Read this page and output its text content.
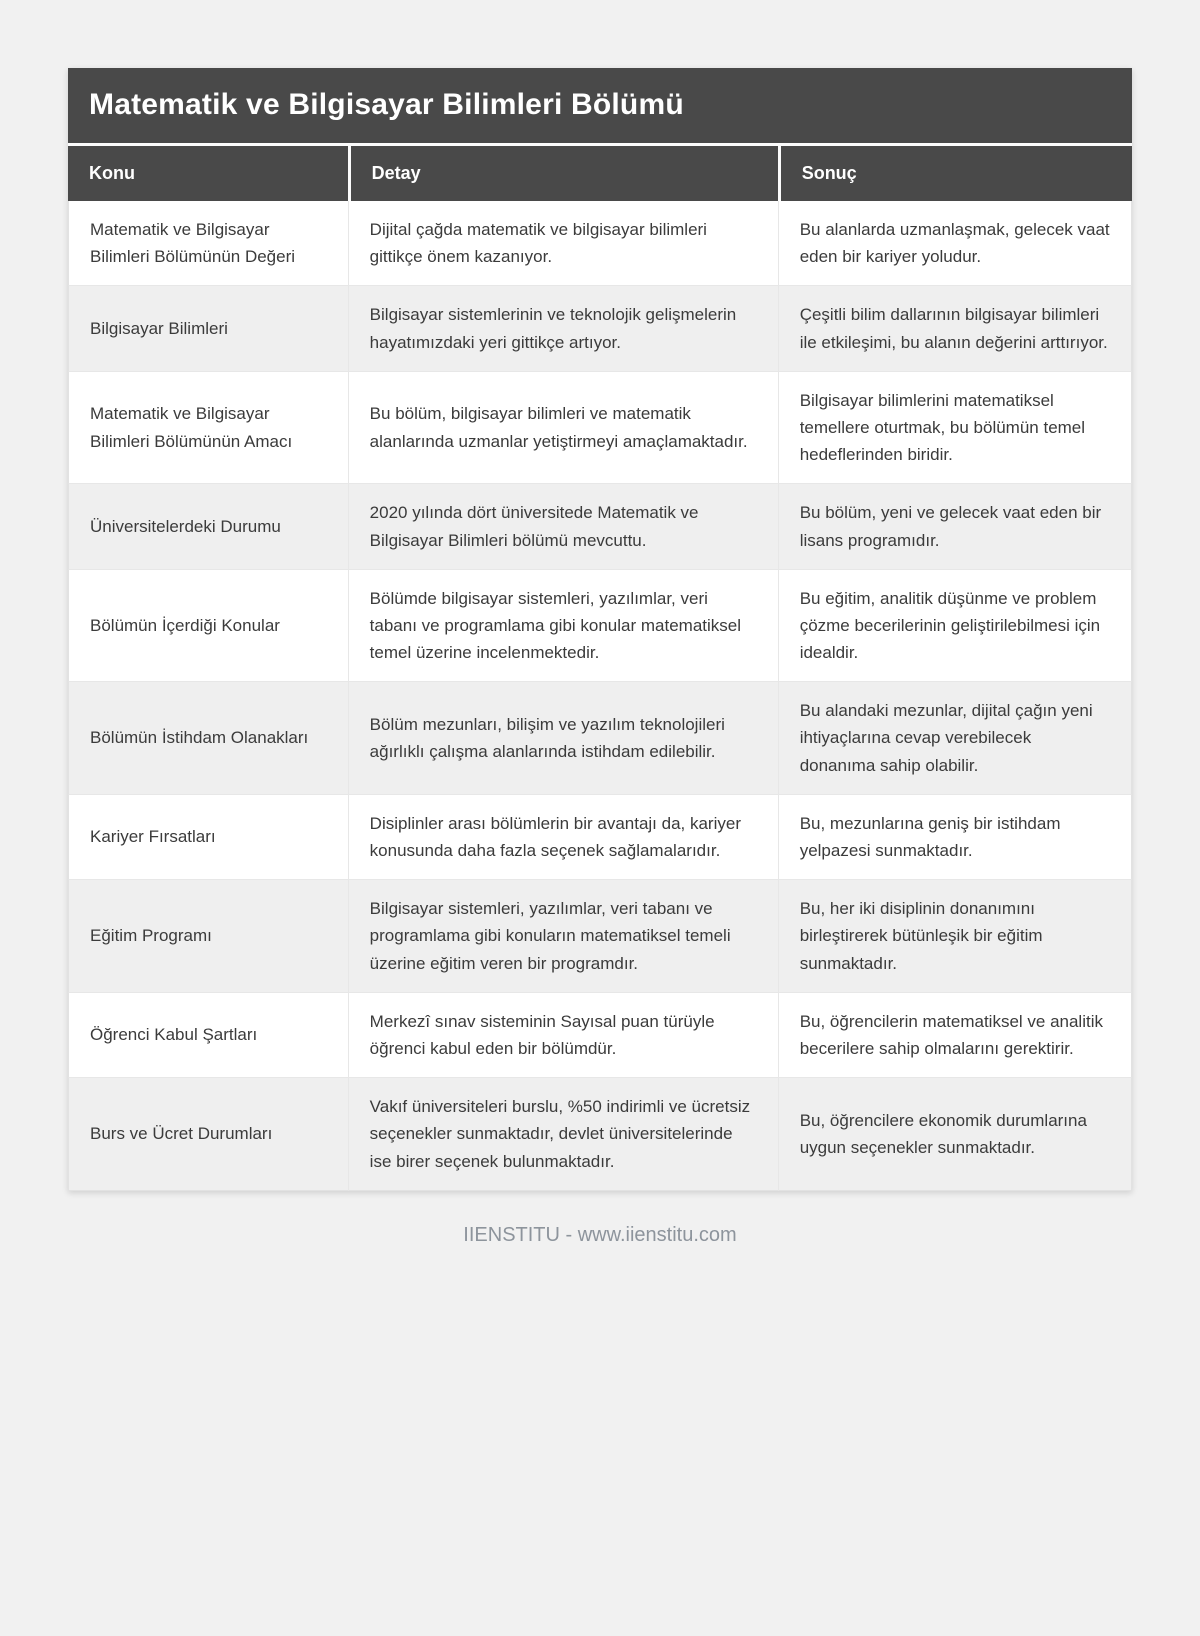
Matematik ve Bilgisayar Bilimleri Bölümü
Konu	Detay	Sonuç
Matematik ve Bilgisayar Bilimleri Bölümünün Değeri	Dijital çağda matematik ve bilgisayar bilimleri gittikçe önem kazanıyor.	Bu alanlarda uzmanlaşmak, gelecek vaat eden bir kariyer yoludur.
Bilgisayar Bilimleri	Bilgisayar sistemlerinin ve teknolojik gelişmelerin hayatımızdaki yeri gittikçe artıyor.	Çeşitli bilim dallarının bilgisayar bilimleri ile etkileşimi, bu alanın değerini arttırıyor.
Matematik ve Bilgisayar Bilimleri Bölümünün Amacı	Bu bölüm, bilgisayar bilimleri ve matematik alanlarında uzmanlar yetiştirmeyi amaçlamaktadır.	Bilgisayar bilimlerini matematiksel temellere oturtmak, bu bölümün temel hedeflerinden biridir.
Üniversitelerdeki Durumu	2020 yılında dört üniversitede Matematik ve Bilgisayar Bilimleri bölümü mevcuttu.	Bu bölüm, yeni ve gelecek vaat eden bir lisans programıdır.
Bölümün İçerdiği Konular	Bölümde bilgisayar sistemleri, yazılımlar, veri tabanı ve programlama gibi konular matematiksel temel üzerine incelenmektedir.	Bu eğitim, analitik düşünme ve problem çözme becerilerinin geliştirilebilmesi için idealdir.
Bölümün İstihdam Olanakları	Bölüm mezunları, bilişim ve yazılım teknolojileri ağırlıklı çalışma alanlarında istihdam edilebilir.	Bu alandaki mezunlar, dijital çağın yeni ihtiyaçlarına cevap verebilecek donanıma sahip olabilir.
Kariyer Fırsatları	Disiplinler arası bölümlerin bir avantajı da, kariyer konusunda daha fazla seçenek sağlamalarıdır.	Bu, mezunlarına geniş bir istihdam yelpazesi sunmaktadır.
Eğitim Programı	Bilgisayar sistemleri, yazılımlar, veri tabanı ve programlama gibi konuların matematiksel temeli üzerine eğitim veren bir programdır.	Bu, her iki disiplinin donanımını birleştirerek bütünleşik bir eğitim sunmaktadır.
Öğrenci Kabul Şartları	Merkezî sınav sisteminin Sayısal puan türüyle öğrenci kabul eden bir bölümdür.	Bu, öğrencilerin matematiksel ve analitik becerilere sahip olmalarını gerektirir.
Burs ve Ücret Durumları	Vakıf üniversiteleri burslu, %50 indirimli ve ücretsiz seçenekler sunmaktadır, devlet üniversitelerinde ise birer seçenek bulunmaktadır.	Bu, öğrencilere ekonomik durumlarına uygun seçenekler sunmaktadır.
IIENSTITU - www.iienstitu.com
